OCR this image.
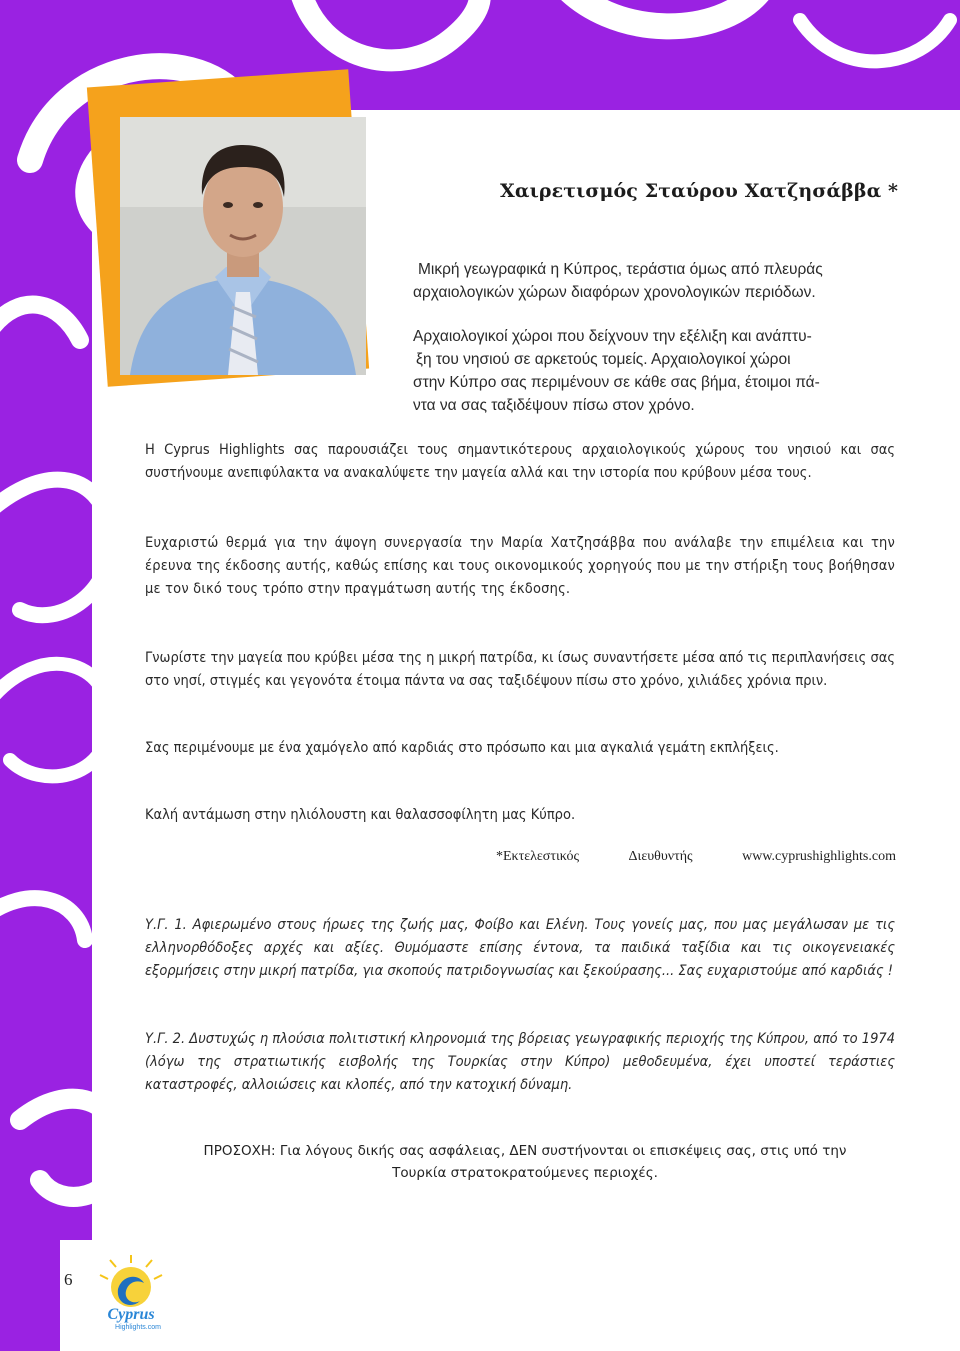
Χαιρετισμός Σταύρου Χατζησάββα *
Μικρή γεωγραφικά η Κύπρος, τεράστια όμως από πλευράς
αρχαιολογικών χώρων διαφόρων χρονολογικών περιόδων.
Αρχαιολογικοί χώροι που δείχνουν την εξέλιξη και ανάπτυ-
ξη του νησιού σε αρκετούς τομείς. Αρχαιολογικοί χώροι
στην Κύπρο σας περιμένουν σε κάθε σας βήμα, έτοιμοι πά-
ντα να σας ταξιδέψουν πίσω στον χρόνο.
Η Cyprus Highlights σας παρουσιάζει τους σημαντικότερους αρχαιολογικούς χώρους του νησιού και σας συστήνουμε ανεπιφύλακτα να ανακαλύψετε την μαγεία αλλά και την ιστορία που κρύβουν μέσα τους.
Ευχαριστώ θερμά για την άψογη συνεργασία την Μαρία Χατζησάββα που ανάλαβε την επιμέλεια και την έρευνα της έκδοσης αυτής, καθώς επίσης και τους οικονομικούς χορηγούς που με την στήριξη τους βοήθησαν με τον δικό τους τρόπο στην πραγμάτωση αυτής της έκδοσης.
Γνωρίστε την μαγεία που κρύβει μέσα της η μικρή πατρίδα, κι ίσως συναντήσετε μέσα από τις περιπλανήσεις σας στο νησί, στιγμές και γεγονότα έτοιμα πάντα να σας ταξιδέψουν πίσω στο χρόνο, χιλιάδες χρόνια πριν.
Σας περιμένουμε με ένα χαμόγελο από καρδιάς στο πρόσωπο και μια αγκαλιά γεμάτη εκπλήξεις.
Καλή αντάμωση στην ηλιόλουστη και θαλασσοφίλητη μας Κύπρο.
*Εκτελεστικός	Διευθυντής	www.cyprushighlights.com
Υ.Γ. 1. Αφιερωμένο στους ήρωες της ζωής μας, Φοίβο και Ελένη. Τους γονείς μας, που μας μεγάλωσαν με τις ελληνορθόδοξες αρχές και αξίες. Θυμόμαστε επίσης έντονα, τα παιδικά ταξίδια και τις οικογενειακές εξορμήσεις στην μικρή πατρίδα, για σκοπούς πατριδογνωσίας και ξεκούρασης... Σας ευχαριστούμε από καρδιάς !
Υ.Γ. 2. Δυστυχώς η πλούσια πολιτιστική κληρονομιά της βόρειας γεωγραφικής περιοχής της Κύπρου, από το 1974 (λόγω της στρατιωτικής εισβολής της Τουρκίας στην Κύπρο) μεθοδευμένα, έχει υποστεί τεράστιες καταστροφές, αλλοιώσεις και κλοπές, από την κατοχική δύναμη.
ΠΡΟΣΟΧΗ: Για λόγους δικής σας ασφάλειας, ΔΕΝ συστήνονται οι επισκέψεις σας, στις υπό την
Τουρκία στρατοκρατούμενες περιοχές.
6
Cyprus
Highlights.com
